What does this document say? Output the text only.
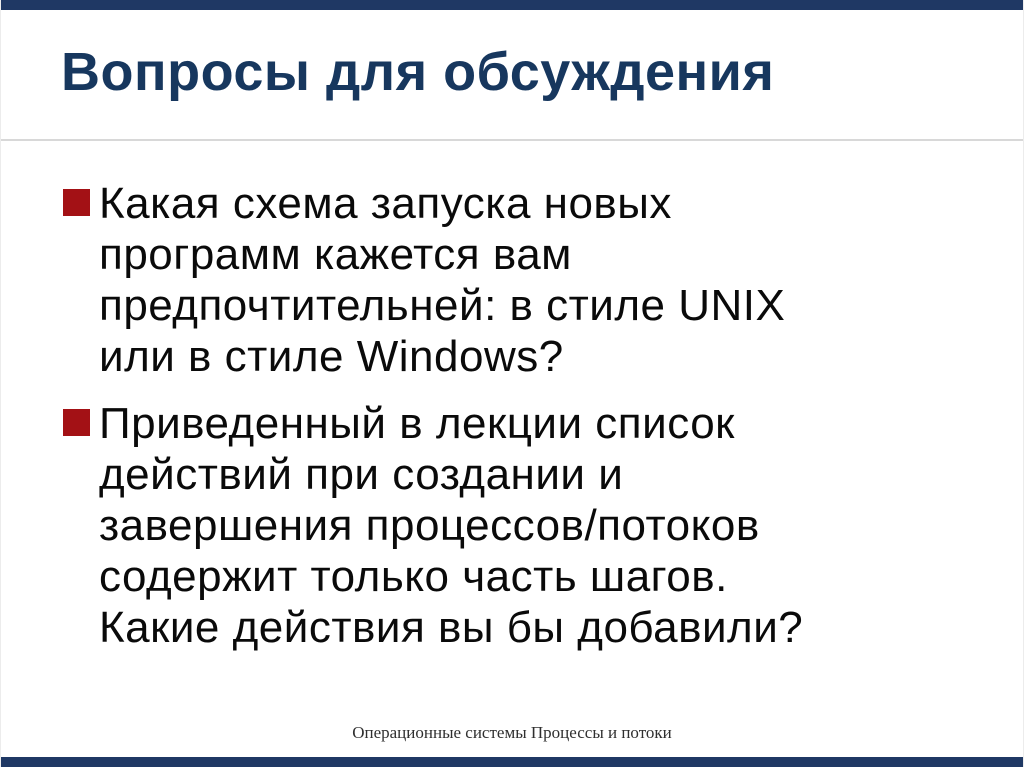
Вопросы для обсуждения
Какая схема запуска новых
программ кажется вам
предпочтительней: в стиле UNIX
или в стиле Windows?
Приведенный в лекции список
действий при создании и
завершения процессов/потоков
содержит только часть шагов.
Какие действия вы бы добавили?
Операционные системы Процессы и потоки
